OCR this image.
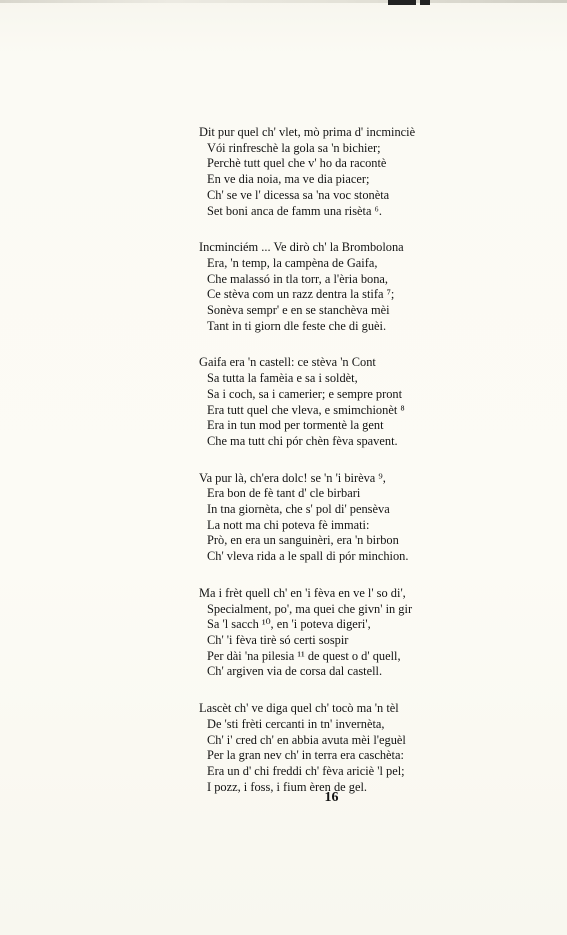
Dit pur quel ch' vlet, mò prima d' incminciè
Vói rinfreschè la gola sa 'n bichier;
Perchè tutt quel che v' ho da racontè
En ve dia noia, ma ve dia piacer;
Ch' se ve l' dicessa sa 'na voc stonèta
Set boni anca de famm una risèta ⁶.
Incminciém ... Ve dirò ch' la Brombolona
Era, 'n temp, la campèna de Gaifa,
Che malassó in tla torr, a l'èria bona,
Ce stèva com un razz dentra la stifa ⁷;
Sonèva sempr' e en se stanchèva mèi
Tant in ti giorn dle feste che di guèi.
Gaifa era 'n castell: ce stèva 'n Cont
Sa tutta la famèia e sa i soldèt,
Sa i coch, sa i camerier; e sempre pront
Era tutt quel che vleva, e smimchionèt ⁸
Era in tun mod per tormentè la gent
Che ma tutt chi pór chèn fèva spavent.
Va pur là, ch'era dolc! se 'n 'i birèva ⁹,
Era bon de fè tant d' cle birbari
In tna giornèta, che s' pol di' pensèva
La nott ma chi poteva fè immati:
Prò, en era un sanguinèri, era 'n birbon
Ch' vleva rida a le spall di pór minchion.
Ma i frèt quell ch' en 'i fèva en ve l' so di',
Specialment, po', ma quei che givn' in gir
Sa 'l sacch ¹⁰, en 'i poteva digeri',
Ch' 'i fèva tirè só certi sospir
Per dài 'na pilesia ¹¹ de quest o d' quell,
Ch' argiven via de corsa dal castell.
Lascèt ch' ve diga quel ch' tocò ma 'n tèl
De 'sti frèti cercanti in tn' invernèta,
Ch' i' cred ch' en abbia avuta mèi l'eguèl
Per la gran nev ch' in terra era caschèta:
Era un d' chi freddi ch' fèva ariciè 'l pel;
I pozz, i foss, i fium èren de gel.
16
